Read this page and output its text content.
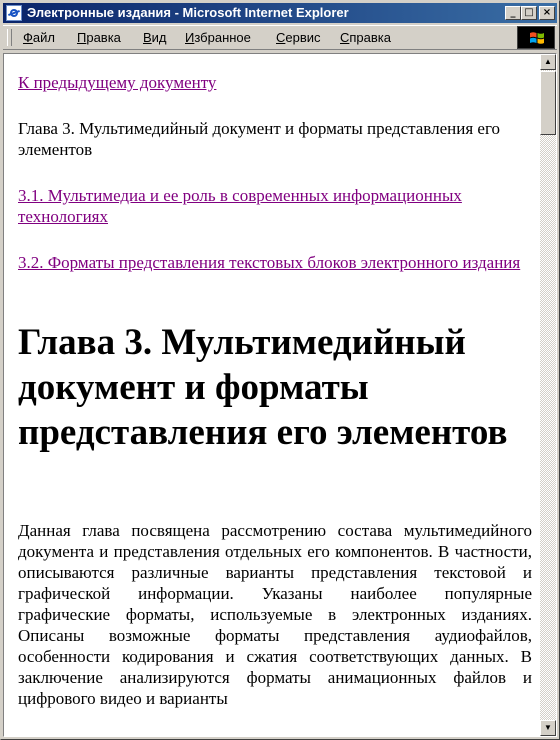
Электронные издания - Microsoft Internet Explorer	_ □ ×
Файл Правка Вид Избранное Сервис Справка
К предыдущему документу

Глава 3. Мультимедийный документ и форматы представления его элементов

3.1. Мультимедиа и ее роль в современных информационных технологиях
3.2. Форматы представления текстовых блоков электронного издания
Глава 3. Мультимедийный документ и форматы представления его элементов

Данная глава посвящена рассмотрению состава мультимедийного документа и представления отдельных его компонентов. В частности, описываются различные варианты представления текстовой и графической информации. Указаны наиболее популярные графические форматы, используемые в электронных изданиях. Описаны возможные форматы представления аудиофайлов, особенности кодирования и сжатия соответствующих данных. В заключение анализируются форматы анимационных файлов и цифрового видео и варианты

▲
▼
